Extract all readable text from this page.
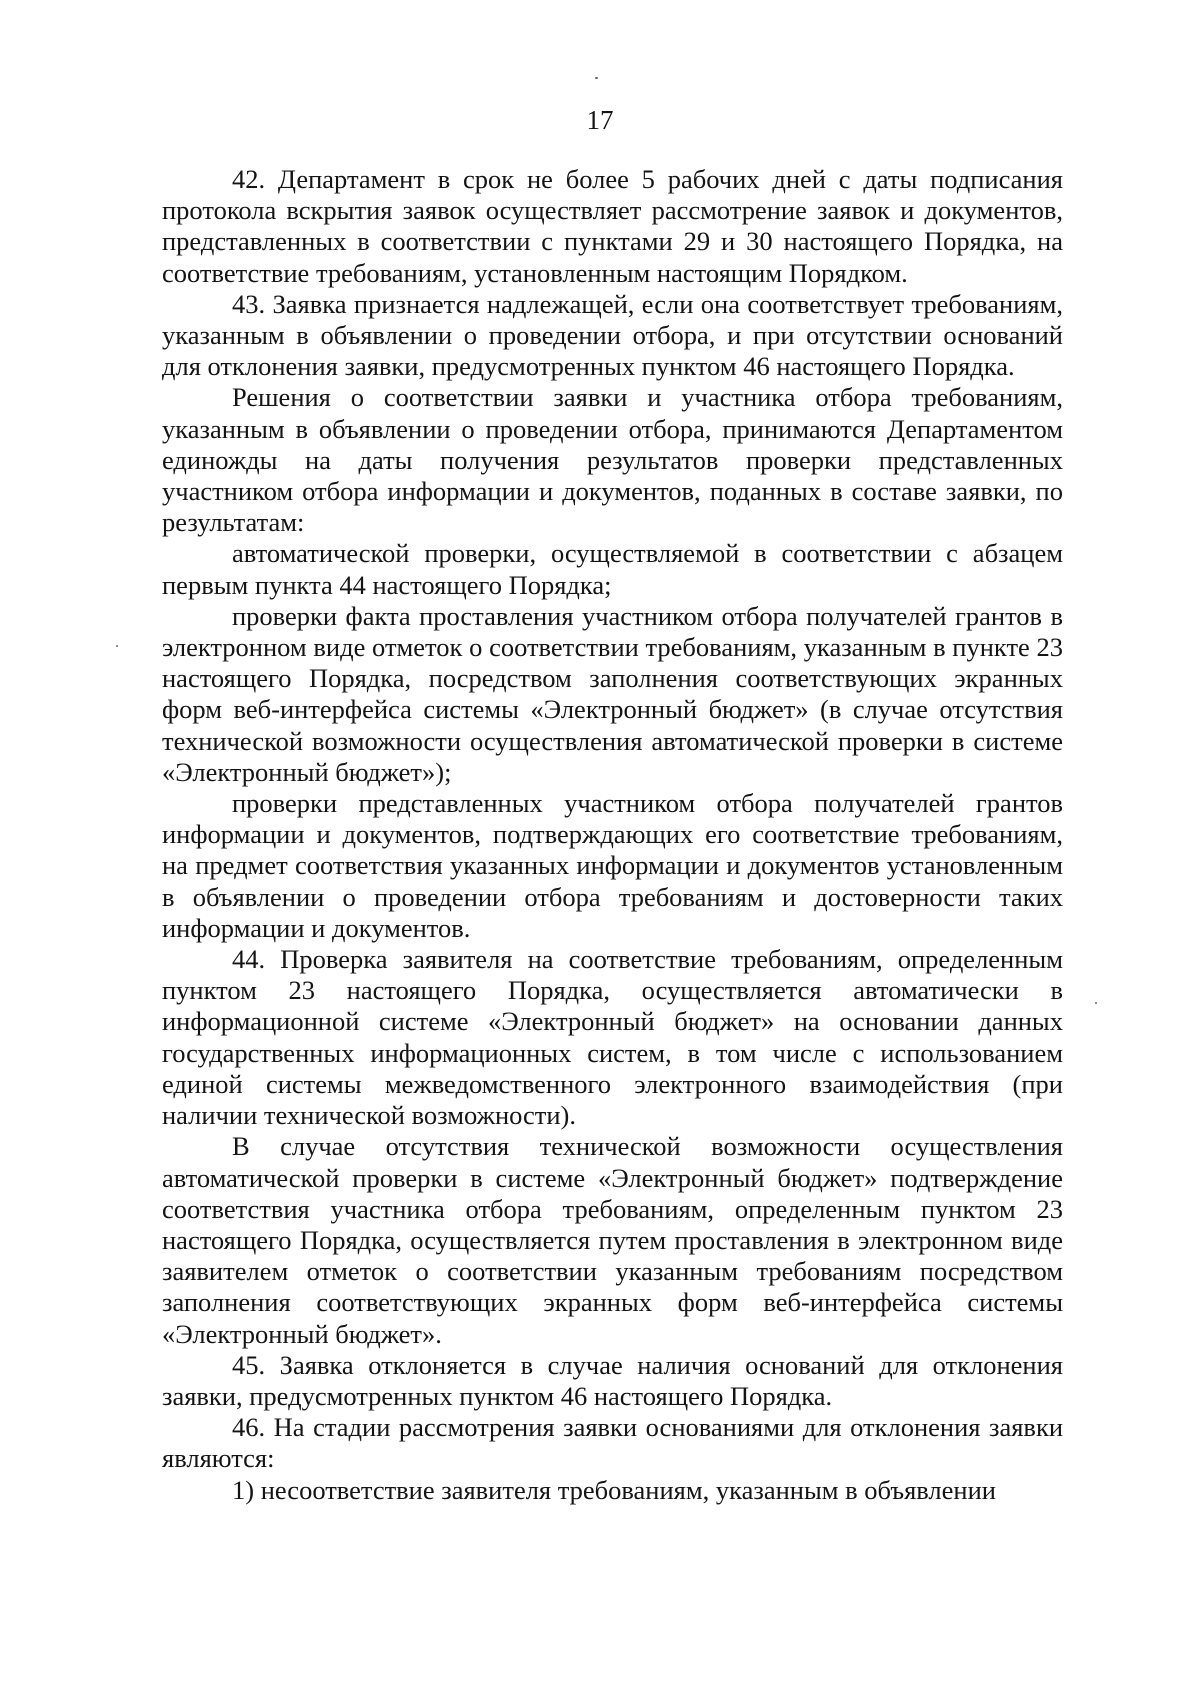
17

42. Департамент в срок не более 5 рабочих дней с даты подписания протокола вскрытия заявок осуществляет рассмотрение заявок и документов, представленных в соответствии с пунктами 29 и 30 настоящего Порядка, на соответствие требованиям, установленным настоящим Порядком.

43. Заявка признается надлежащей, если она соответствует требованиям, указанным в объявлении о проведении отбора, и при отсутствии оснований для отклонения заявки, предусмотренных пунктом 46 настоящего Порядка.

Решения о соответствии заявки и участника отбора требованиям, указанным в объявлении о проведении отбора, принимаются Департаментом единожды на даты получения результатов проверки представленных участником отбора информации и документов, поданных в составе заявки, по результатам:

автоматической проверки, осуществляемой в соответствии с абзацем первым пункта 44 настоящего Порядка;

проверки факта проставления участником отбора получателей грантов в электронном виде отметок о соответствии требованиям, указанным в пункте 23 настоящего Порядка, посредством заполнения соответствующих экранных форм веб-интерфейса системы «Электронный бюджет» (в случае отсутствия технической возможности осуществления автоматической проверки в системе «Электронный бюджет»);

проверки представленных участником отбора получателей грантов информации и документов, подтверждающих его соответствие требованиям, на предмет соответствия указанных информации и документов установленным в объявлении о проведении отбора требованиям и достоверности таких информации и документов.

44. Проверка заявителя на соответствие требованиям, определенным пунктом 23 настоящего Порядка, осуществляется автоматически в информационной системе «Электронный бюджет» на основании данных государственных информационных систем, в том числе с использованием единой системы межведомственного электронного взаимодействия (при наличии технической возможности).

В случае отсутствия технической возможности осуществления автоматической проверки в системе «Электронный бюджет» подтверждение соответствия участника отбора требованиям, определенным пунктом 23 настоящего Порядка, осуществляется путем проставления в электронном виде заявителем отметок о соответствии указанным требованиям посредством заполнения соответствующих экранных форм веб-интерфейса системы «Электронный бюджет».

45. Заявка отклоняется в случае наличия оснований для отклонения заявки, предусмотренных пунктом 46 настоящего Порядка.

46. На стадии рассмотрения заявки основаниями для отклонения заявки являются:

1) несоответствие заявителя требованиям, указанным в объявлении
